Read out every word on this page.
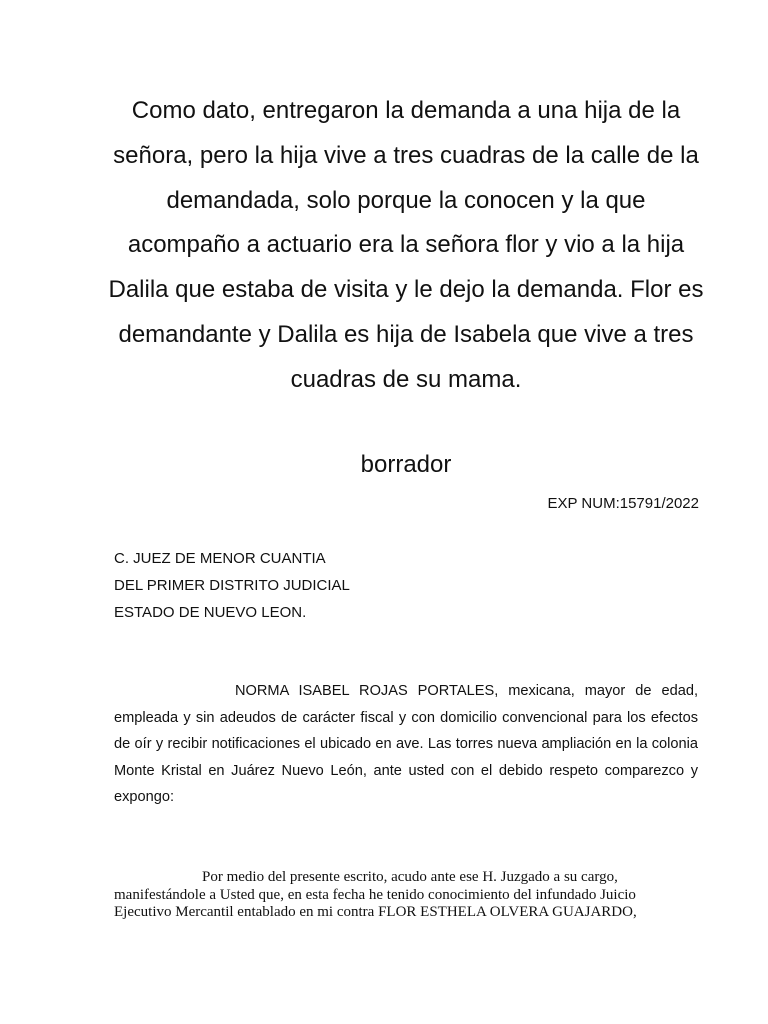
Como dato, entregaron la demanda a una hija de la señora, pero la hija vive a tres cuadras de la calle de la demandada, solo porque la conocen y la que acompaño a actuario era la señora flor y vio a la hija Dalila que estaba de visita y le dejo la demanda. Flor es demandante y Dalila es hija de Isabela que vive a tres cuadras de su mama.

borrador

EXP NUM:15791/2022

C. JUEZ DE MENOR CUANTIA
DEL PRIMER DISTRITO JUDICIAL
ESTADO DE NUEVO LEON.

NORMA ISABEL ROJAS PORTALES, mexicana, mayor de edad, empleada y sin adeudos de carácter fiscal y con domicilio convencional para los efectos de oír y recibir notificaciones el ubicado en ave. Las torres nueva ampliación en la colonia Monte Kristal en Juárez Nuevo León, ante usted con el debido respeto comparezco y expongo:

Por medio del presente escrito, acudo ante ese H. Juzgado a su cargo, manifestándole a Usted que, en esta fecha he tenido conocimiento del infundado Juicio Ejecutivo Mercantil entablado en mi contra FLOR ESTHELA OLVERA GUAJARDO,
